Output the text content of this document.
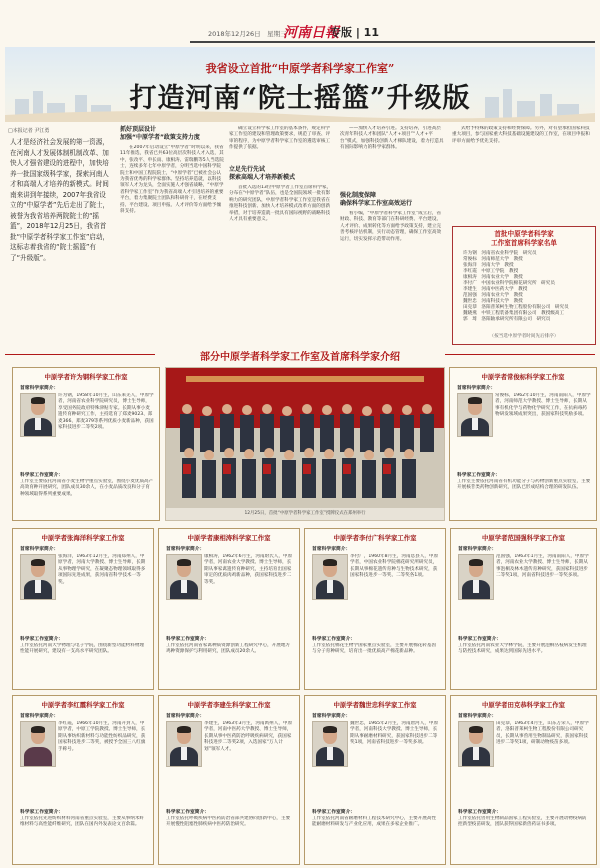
2018年12月26日　星期三
河南日報
专版 | 11
我省设立首批“中原学者科学家工作室”
打造河南“院士摇篮”升级版
□本报记者 尹江勇
人才是经济社会发展的第一资源，在河南人才发展体制机制改革、加快人才强省建设的进程中，加快培养一批国家级科学家，探索河南人才和高端人才培养的新模式。时间南来讲到年接续，2007年我省设立的“中原学者”先后走出了院士，被誉为我省培养两院院士的“摇篮”，2018年12月25日，我省首批“中原学者科学家工作室”启动，这标志着我省的“院士摇篮”有了“升级版”。
抓好顶层设计
加强“中原学者”政策支持力度

在2007年启动设立“中原学者”时明以来，我省11年推选，我省已共63位高层次科技人才入选，其中，张改平、申长雨、康相涛、雷瑞鹏等5人当选院士，连续多年七年中原学者，分明当选中国科学院院士和中国工程院院士，“中原学者”已被社会公认为我省优秀的科学家群体。坚持培养造就，以科技领军人才为龙头，全面实施人才强省战略，“中原学者科学家工作室”作为我省高端人才引进培养的重要平台，着力集聚院士团队和科研骨干，在经费支持、平台建设、项目申报、人才评价等方面给予倾斜支持。

确立设立科学家工作室的基本条件，规定科学家工作室的建设和管理政策要求，规范了审查、评审的程序，为中原学者科学家工作室的遴选审核工作提供了依据。

立足先行先试
探索高端人才培养新模式

首批入选的13位中原学者工作室首席科学家，分布在“中原学者”队伍，也是全国院领域一批有影响力的研究团队，中原学者科学家工作室是我省在推进科技创新、加快人才培养模式改革方面的创新举措，对于培养造就一批具有国际视野的战略科技人才具有重要意义。

——加快人才培养引进。支持培养，引进高层次青年科技人才和团队“人才+项目”“人才+平台”模式，加强科技创新人才梯队建设，着力打造具有国际影响力的科学家群体。

强化制度保障
确保科学家工作室高效运行

看小编，“中原学者科学家工作室”成立后，省财政、科技、教育等部门在科研经费、平台建设、人才评价、成果转化等方面给予政策支持，建立完善考核评估机制，实行动态管理，确保工作室高效运行，切实发挥示范带动作用。

式给予特殊的政策支持和经费保障。另外，对有望承担国家科技重大项目，参与国家重大科技基础设施建设的工作室，在项目申报和评审方面给予优先支持。

首批中原学者科学家
工作室首席科学家名单
许为钢　 河南省农业科学院　研究员
常俊标　 河南师范大学　教授
张海洋　 河南大学　教授
李红霞　 中原工学院　教授
康相涛　 河南农业大学　教授
李付广　 中国农业科学院棉花研究所　研究员
李建生　 河南中医药大学　教授
范国强　 河南农业大学　教授
魏世忠　 河南科技大学　教授
田克恭　 洛阳普莱柯生物工程股份有限公司　研究员
魏晓燕　 中铁工程装备集团有限公司　教授级高工
郭　琦　 洛阳轴承研究所有限公司　研究员
（按当选中原学者时间先后排序）
部分中原学者科学家工作室及首席科学家介绍
中原学者许为钢科学家工作室
首席科学家简介：
许为钢，1958年10月生，山东莱芜人，中原学者，河南省农业科学院研究员，博士生导师，享受国务院政府特殊津贴专家。长期从事小麦遗传育种研究工作，主持选育了郑麦9023、郑麦366、郑麦379等系列优质小麦新品种，获国家科技进步二等奖2项。
科学家工作室简介：
工作室主要依托河南省小麦生物学重点实验室，围绕小麦优质高产高效育种开展研究，团队成员30余人，在小麦品质改良和分子育种领域取得系列重要成果。
12月25日，首批“中原学者科学家工作室”授牌仪式在郑州举行
中原学者常俊标科学家工作室
首席科学家简介：
常俊标，1962年10月生，河南南阳人，中原学者，河南师范大学教授、博士生导师，长期从事有机化学与药物化学研究工作，在抗病毒药物研发领域成果突出，获国家科技奖励多项。
科学家工作室简介：
工作室主要依托河南省有机功能分子与药物创新重点实验室，主要开展核苷类药物创新研究，团队已形成结构合理的研发队伍。
中原学者张海洋科学家工作室
首席科学家简介：
张海洋，1963年12月生，河南郑州人，中原学者，河南大学教授、博士生导师，长期从事物理学研究，在凝聚态物理领域取得多项国际先进成果，获河南省科学技术一等奖。
科学家工作室简介：
工作室依托河南大学物理与电子学院，围绕新型功能材料物理性能开展研究，建设有一支高水平研究团队。
中原学者康相涛科学家工作室
首席科学家简介：
康相涛，1962年6月生，河南尉氏人，中原学者，河南农业大学教授、博士生导师，长期从事家禽遗传育种研究，主持培育出国家审定的优质肉鸡新品种，获国家科技进步二等奖。
科学家工作室简介：
工作室依托河南省家禽种质资源创新工程研究中心，开展地方鸡种资源保护与利用研究，团队成员20余人。
中原学者李付广科学家工作室
首席科学家简介：
李付广，1960年8月生，河南息县人，中原学者，中国农业科学院棉花研究所研究员，长期从事棉花遗传育种与生物技术研究，获国家科技进步一等奖、二等奖各1项。
科学家工作室简介：
工作室依托棉花生物学国家重点实验室，主要开展棉花转基因与分子育种研究，培育出一批优质高产棉花新品种。
中原学者范国强科学家工作室
首席科学家简介：
范国强，1963年1月生，河南南阳人，中原学者，河南农业大学教授、博士生导师，长期从事泡桐及林木遗传育种研究，获国家科技进步二等奖1项，河南省科技进步一等奖多项。
科学家工作室简介：
工作室依托河南农业大学林学院，主要开展泡桐丛枝病发生机理与防控技术研究，成果达到国际先进水平。
中原学者李红霞科学家工作室
首席科学家简介：
李红霞，1966年10月生，河南开封人，中原学者，中原工学院教授、博士生导师，长期从事纺织新材料与功能性纺织品研究，获国家科技进步二等奖，被授予全国三八红旗手称号。
科学家工作室简介：
工作室依托先进纺织材料河南省重点实验室，主要从事纳米纤维材料与高性能纤维研究，团队在国内外发表论文百余篇。
中原学者李建生科学家工作室
首席科学家简介：
李建生，1963年3月生，河南禹州人，中原学者，河南中医药大学教授、博士生导师，长期从事中医药防治呼吸疾病研究，获国家科技进步二等奖2项，入选国家“万人计划”领军人才。
科学家工作室简介：
工作室依托呼吸疾病中医药防治省部共建协同创新中心，主要开展慢性阻塞性肺疾病中医药防治研究。
中原学者魏世忠科学家工作室
首席科学家简介：
魏世忠，1965年2月生，河南唐河人，中原学者，河南科技大学教授、博士生导师，长期从事耐磨材料研究，获国家科技进步二等奖1项，河南省科技进步一等奖多项。
科学家工作室简介：
工作室依托河南省耐磨材料工程技术研究中心，主要开展高性能耐磨材料研发与产业化应用，成果在多家企业推广。
中原学者田克恭科学家工作室
首席科学家简介：
田克恭，1963年4月生，山东万荣人，中原学者，洛阳普莱柯生物工程股份有限公司研究员，长期从事兽用生物制品研究，获国家科技进步二等奖1项，研制动物疫苗多项。
科学家工作室简介：
工作室依托兽用生物制品国家工程实验室，主要开展动物疫病防控新型疫苗研发，团队获得国家新兽药证书多项。
